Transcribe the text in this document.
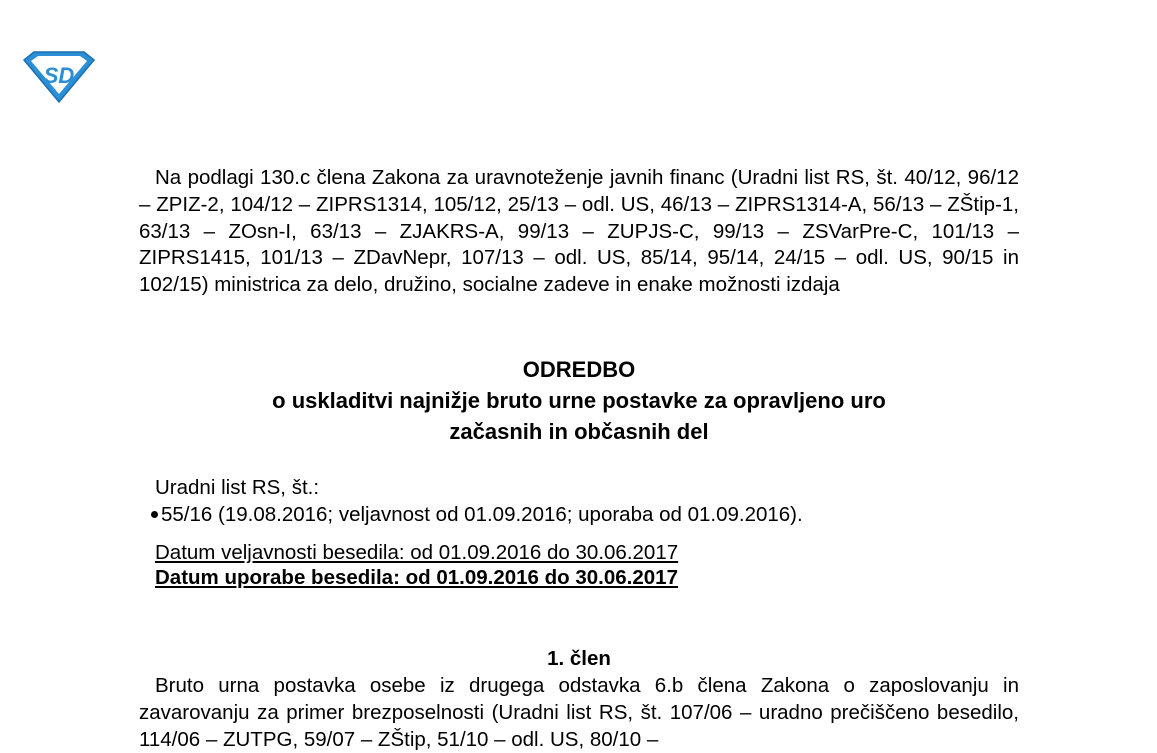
SD

Na podlagi 130.c člena Zakona za uravnoteženje javnih financ (Uradni list RS, št. 40/12, 96/12 – ZPIZ-2, 104/12 – ZIPRS1314, 105/12, 25/13 – odl. US, 46/13 – ZIPRS1314-A, 56/13 – ZŠtip-1, 63/13 – ZOsn-I, 63/13 – ZJAKRS-A, 99/13 – ZUPJS-C, 99/13 – ZSVarPre-C, 101/13 – ZIPRS1415, 101/13 – ZDavNepr, 107/13 – odl. US, 85/14, 95/14, 24/15 – odl. US, 90/15 in 102/15) ministrica za delo, družino, socialne zadeve in enake možnosti izdaja

ODREDBO
o uskladitvi najnižje bruto urne postavke za opravljeno uro
začasnih in občasnih del

Uradni list RS, št.:

55/16 (19.08.2016; veljavnost od 01.09.2016; uporaba od 01.09.2016).

Datum veljavnosti besedila: od 01.09.2016 do 30.06.2017

Datum uporabe besedila: od 01.09.2016 do 30.06.2017

1. člen

Bruto urna postavka osebe iz drugega odstavka 6.b člena Zakona o zaposlovanju in zavarovanju za primer brezposelnosti (Uradni list RS, št. 107/06 – uradno prečiščeno besedilo, 114/06 – ZUTPG, 59/07 – ZŠtip, 51/10 – odl. US, 80/10 –
